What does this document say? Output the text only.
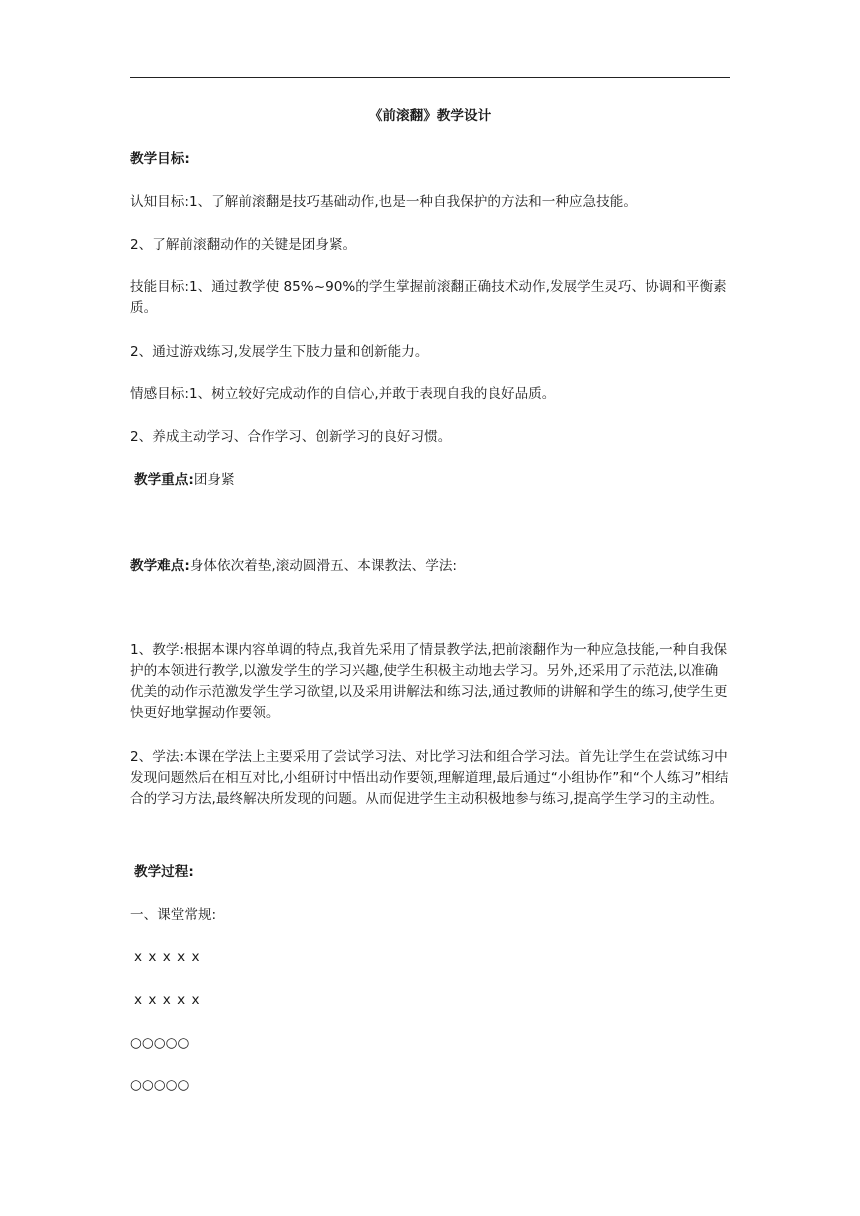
《前滚翻》教学设计

教学目标:

认知目标:1、了解前滚翻是技巧基础动作,也是一种自我保护的方法和一种应急技能。

2、了解前滚翻动作的关键是团身紧。

技能目标:1、通过教学使 85%~90%的学生掌握前滚翻正确技术动作,发展学生灵巧、协调和平衡素质。

2、通过游戏练习,发展学生下肢力量和创新能力。

情感目标:1、树立较好完成动作的自信心,并敢于表现自我的良好品质。

2、养成主动学习、合作学习、创新学习的良好习惯。

教学重点:团身紧

教学难点:身体依次着垫,滚动圆滑五、本课教法、学法:

1、教学:根据本课内容单调的特点,我首先采用了情景教学法,把前滚翻作为一种应急技能,一种自我保护的本领进行教学,以激发学生的学习兴趣,使学生积极主动地去学习。另外,还采用了示范法,以准确优美的动作示范激发学生学习欲望,以及采用讲解法和练习法,通过教师的讲解和学生的练习,使学生更快更好地掌握动作要领。

2、学法:本课在学法上主要采用了尝试学习法、对比学习法和组合学习法。首先让学生在尝试练习中发现问题然后在相互对比,小组研讨中悟出动作要领,理解道理,最后通过“小组协作”和“个人练习”相结合的学习方法,最终解决所发现的问题。从而促进学生主动积极地参与练习,提高学生学习的主动性。

教学过程:

一、课堂常规:

x x x x x

x x x x x

○○○○○

○○○○○
